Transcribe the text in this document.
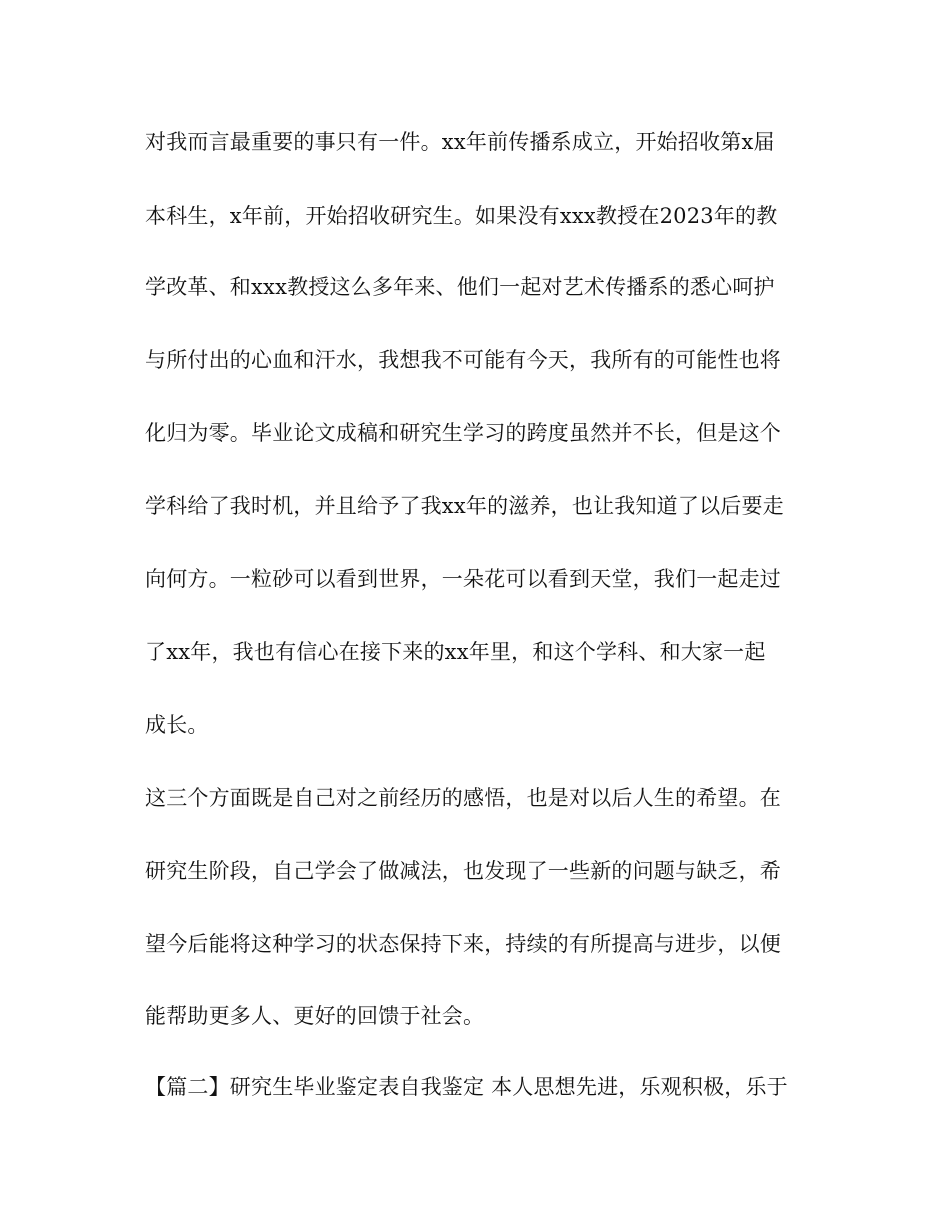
对我而言最重要的事只有一件。xx年前传播系成立，开始招收第x届
本科生，x年前，开始招收研究生。如果没有xxx教授在2023年的教
学改革、和xxx教授这么多年来、他们一起对艺术传播系的悉心呵护
与所付出的心血和汗水，我想我不可能有今天，我所有的可能性也将
化归为零。毕业论文成稿和研究生学习的跨度虽然并不长，但是这个
学科给了我时机，并且给予了我xx年的滋养，也让我知道了以后要走
向何方。一粒砂可以看到世界，一朵花可以看到天堂，我们一起走过
了xx年，我也有信心在接下来的xx年里，和这个学科、和大家一起
成长。
这三个方面既是自己对之前经历的感悟，也是对以后人生的希望。在
研究生阶段，自己学会了做减法，也发现了一些新的问题与缺乏，希
望今后能将这种学习的状态保持下来，持续的有所提高与进步，以便
能帮助更多人、更好的回馈于社会。
【篇二】研究生毕业鉴定表自我鉴定 本人思想先进，乐观积极，乐于
